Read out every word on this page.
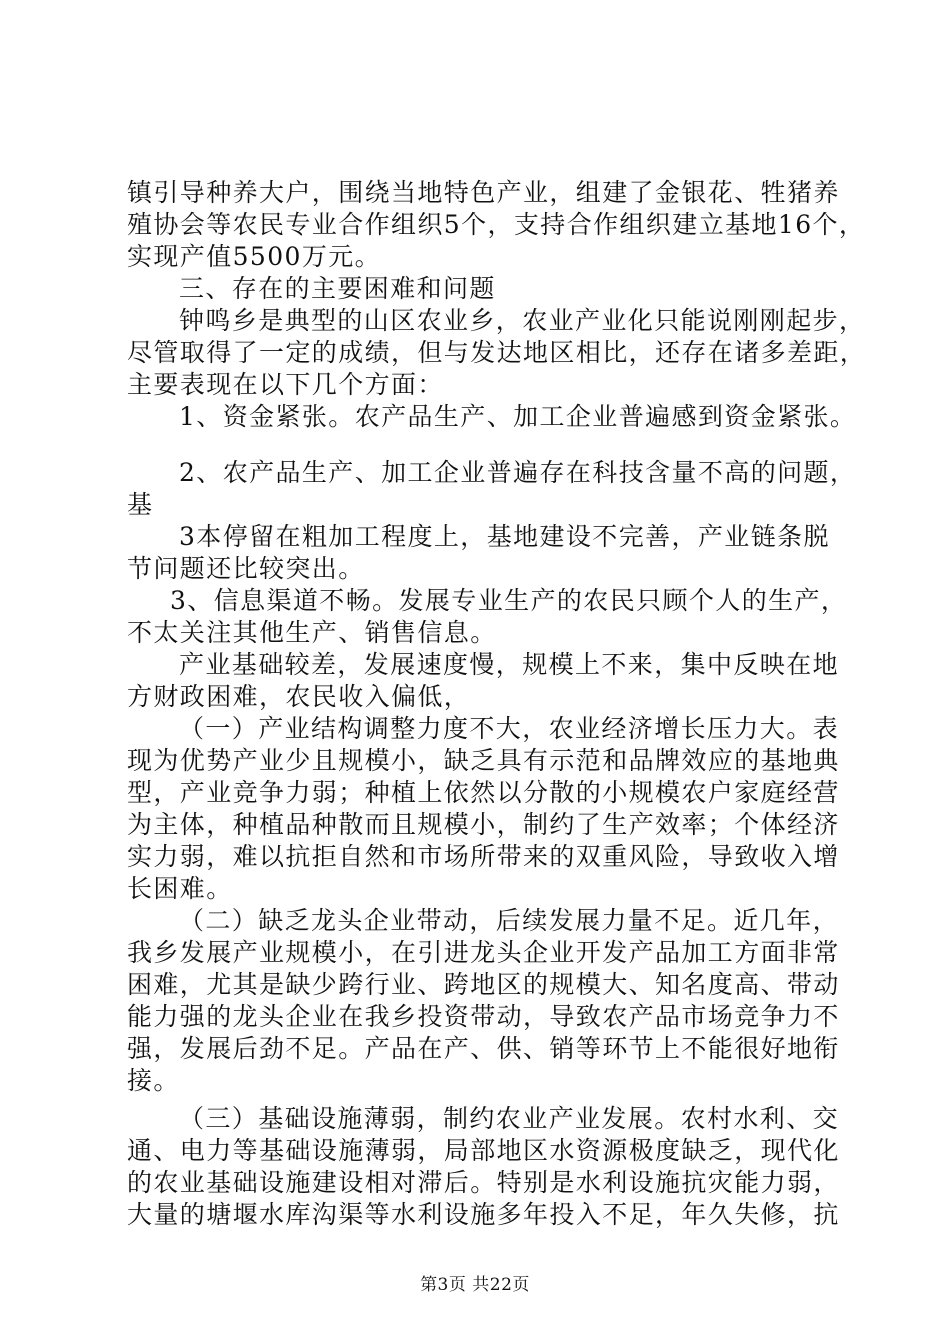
镇引导种养大户，围绕当地特色产业，组建了金银花、牲猪养
殖协会等农民专业合作组织5个，支持合作组织建立基地16个，
实现产值5500万元。
三、存在的主要困难和问题
钟鸣乡是典型的山区农业乡，农业产业化只能说刚刚起步，
尽管取得了一定的成绩，但与发达地区相比，还存在诸多差距，
主要表现在以下几个方面：
1、资金紧张。农产品生产、加工企业普遍感到资金紧张。
2、农产品生产、加工企业普遍存在科技含量不高的问题，
基
3本停留在粗加工程度上，基地建设不完善，产业链条脱
节问题还比较突出。
3、信息渠道不畅。发展专业生产的农民只顾个人的生产，
不太关注其他生产、销售信息。
产业基础较差，发展速度慢，规模上不来，集中反映在地
方财政困难，农民收入偏低，
（一）产业结构调整力度不大，农业经济增长压力大。表
现为优势产业少且规模小，缺乏具有示范和品牌效应的基地典
型，产业竞争力弱；种植上依然以分散的小规模农户家庭经营
为主体，种植品种散而且规模小，制约了生产效率；个体经济
实力弱，难以抗拒自然和市场所带来的双重风险，导致收入增
长困难。
（二）缺乏龙头企业带动，后续发展力量不足。近几年，
我乡发展产业规模小，在引进龙头企业开发产品加工方面非常
困难，尤其是缺少跨行业、跨地区的规模大、知名度高、带动
能力强的龙头企业在我乡投资带动，导致农产品市场竞争力不
强，发展后劲不足。产品在产、供、销等环节上不能很好地衔
接。
（三）基础设施薄弱，制约农业产业发展。农村水利、交
通、电力等基础设施薄弱，局部地区水资源极度缺乏，现代化
的农业基础设施建设相对滞后。特别是水利设施抗灾能力弱，
大量的塘堰水库沟渠等水利设施多年投入不足，年久失修，抗
第3页 共22页
